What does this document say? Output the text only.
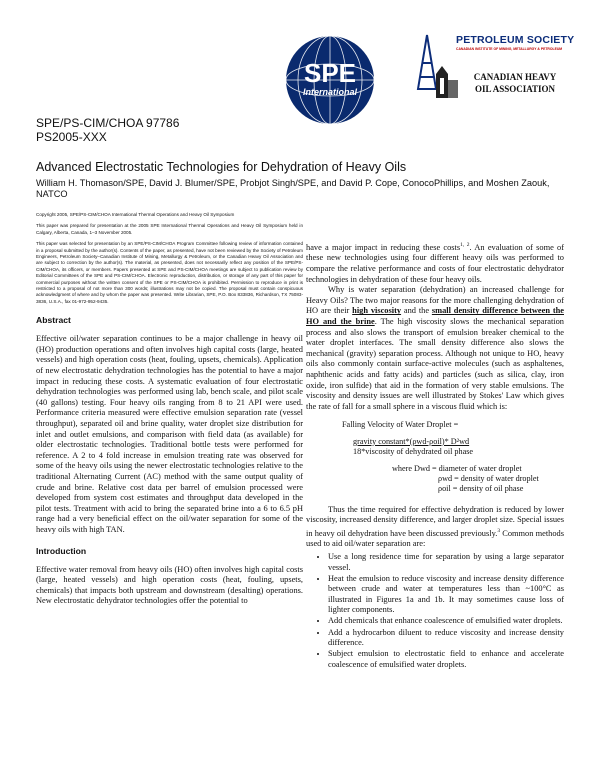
SPE
International
PETROLEUM SOCIETY
CANADIAN INSTITUTE OF MINING, METALLURGY & PETROLEUM
CANADIAN HEAVY
OIL ASSOCIATION
SPE/PS-CIM/CHOA 97786
PS2005-XXX
Advanced Electrostatic Technologies for Dehydration of Heavy Oils
William H. Thomason/SPE, David J. Blumer/SPE, Probjot Singh/SPE, and David P. Cope, ConocoPhillips, and Moshen Zaouk, NATCO

Copyright 2005, SPE/PS-CIM/CHOA International Thermal Operations and Heavy Oil Symposium

This paper was prepared for presentation at the 2005 SPE International Thermal Operations and Heavy Oil Symposium held in Calgary, Alberta, Canada, 1–3 November 2005.

This paper was selected for presentation by an SPE/PS-CIM/CHOA Program Committee following review of information contained in a proposal submitted by the author(s). Contents of the paper, as presented, have not been reviewed by the Society of Petroleum Engineers, Petroleum Society–Canadian Institute of Mining, Metallurgy & Petroleum, or the Canadian Heavy Oil Association and are subject to correction by the author(s). The material, as presented, does not necessarily reflect any position of the SPE/PS-CIM/CHOA, its officers, or members. Papers presented at SPE and PS-CIM/CHOA meetings are subject to publication review by Editorial Committees of the SPE and PS-CIM/CHOA. Electronic reproduction, distribution, or storage of any part of this paper for commercial purposes without the written consent of the SPE or PS-CIM/CHOA is prohibited. Permission to reproduce in print is restricted to a proposal of not more than 300 words; illustrations may not be copied. The proposal must contain conspicuous acknowledgment of where and by whom the paper was presented. Write Librarian, SPE, P.O. Box 833836, Richardson, TX 75083-3836, U.S.A., fax 01-972-952-9435.

Abstract

Effective oil/water separation continues to be a major challenge in heavy oil (HO) production operations and often involves high capital costs (large, heated vessels) and high operation costs (heat, fouling, upsets, chemicals). Application of new electrostatic dehydration technologies has the potential to have a major impact in reducing these costs. A systematic evaluation of four electrostatic dehydration technologies was performed using lab, bench scale, and pilot scale (40 gallons) testing. Four heavy oils ranging from 8 to 21 API were used. Performance criteria measured were effective emulsion separation rate (vessel throughput), separated oil and brine quality, water droplet size distribution for inlet and outlet emulsions, and comparison with field data (as available) for older electrostatic technologies. Traditional bottle tests were performed for reference. A 2 to 4 fold increase in emulsion treating rate was observed for some of the heavy oils using the newer electrostatic technologies relative to the traditional Alternating Current (AC) method with the same output quality of crude and brine. Relative cost data per barrel of emulsion processed were developed from system cost estimates and throughput data developed in the pilot tests. Treatment with acid to bring the separated brine into a 6 to 6.5 pH range had a very beneficial effect on the oil/water separation for some of the heavy oils with high TAN.

Introduction

Effective water removal from heavy oils (HO) often involves high capital costs (large, heated vessels) and high operation costs (heat, fouling, upsets, chemicals) that impacts both upstream and downstream (desalting) operations. New electrostatic dehydrator technologies offer the potential to

have a major impact in reducing these costs$^{1, 2}$. An evaluation of some of these new technologies using four different heavy oils was performed to compare the relative performance and costs of four electrostatic dehydrator technologies in dehydration of these four heavy oils.

Why is water separation (dehydration) an increased challenge for Heavy Oils? The two major reasons for the more challenging dehydration of HO are their high viscosity and the small density difference between the HO and the brine. The high viscosity slows the mechanical separation process and also slows the transport of emulsion breaker chemical to the water droplet interfaces. The small density difference also slows the mechanical (gravity) separation process. Although not unique to HO, heavy oils also commonly contain surface-active molecules (such as asphaltenes, naphthenic acids and fatty acids) and particles (such as silica, clay, iron oxide, iron sulfide) that aid in the formation of very stable emulsions. The viscosity and density issues are well illustrated by Stokes' Law which gives the rate of fall for a small sphere in a viscous fluid which is:

Falling Velocity of Water Droplet =
gravity constant*(ρwd-ρoil)* D²wd
18*viscosity of dehydrated oil phase
where Dwd = diameter of water droplet
ρwd = density of water droplet
ρoil = density of oil phase

Thus the time required for effective dehydration is reduced by lower viscosity, increased density difference, and larger droplet size. Special issues in heavy oil dehydration have been discussed previously.$^3$ Common methods used to aid oil/water separation are:

• Use a long residence time for separation by using a large separator vessel.
• Heat the emulsion to reduce viscosity and increase density difference between crude and water at temperatures less than ~100°C as illustrated in Figures 1a and 1b. It may sometimes cause loss of lighter components.
• Add chemicals that enhance coalescence of emulsified water droplets.
• Add a hydrocarbon diluent to reduce viscosity and increase density difference.
• Subject emulsion to electrostatic field to enhance and accelerate coalescence of emulsified water droplets.
